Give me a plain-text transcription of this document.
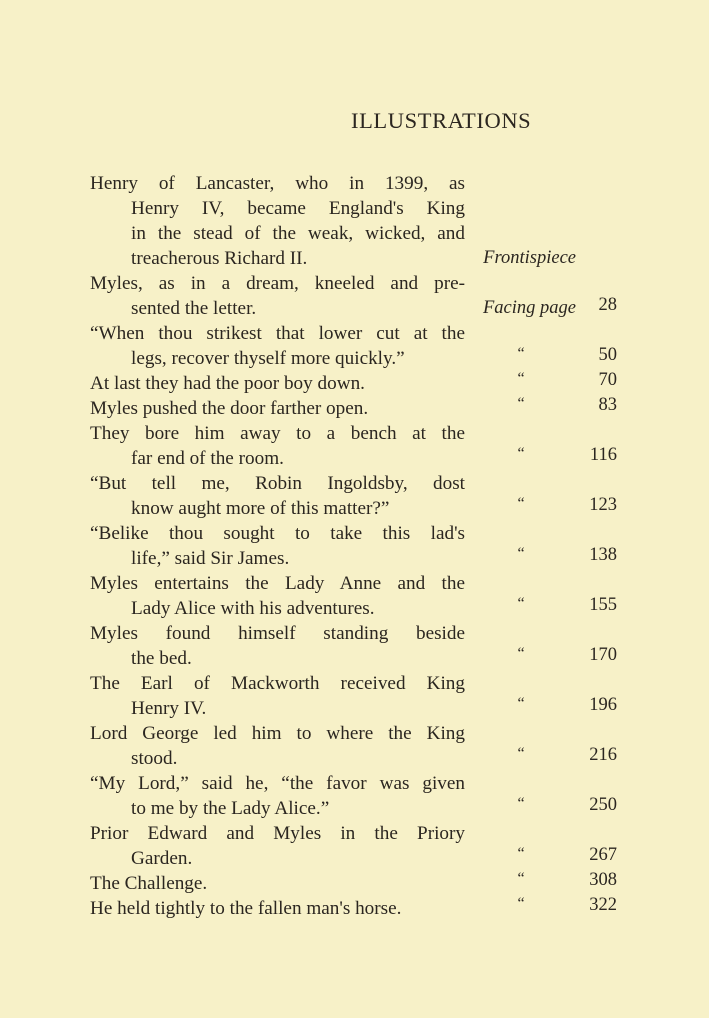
ILLUSTRATIONS
Henry of Lancaster, who in 1399, as
Henry IV, became England's King
in the stead of the weak, wicked, and
treacherous Richard II.	Frontispiece
Myles, as in a dream, kneeled and pre-
sented the letter.	Facing page	28
“When thou strikest that lower cut at the
legs, recover thyself more quickly.”	“	50
At last they had the poor boy down.	“	70
Myles pushed the door farther open.	“	83
They bore him away to a bench at the
far end of the room.	“	116
“But tell me, Robin Ingoldsby, dost
know aught more of this matter?”	“	123
“Belike thou sought to take this lad's
life,” said Sir James.	“	138
Myles entertains the Lady Anne and the
Lady Alice with his adventures.	“	155
Myles found himself standing beside
the bed.	“	170
The Earl of Mackworth received King
Henry IV.	“	196
Lord George led him to where the King
stood.	“	216
“My Lord,” said he, “the favor was given
to me by the Lady Alice.”	“	250
Prior Edward and Myles in the Priory
Garden.	“	267
The Challenge.	“	308
He held tightly to the fallen man's horse.	“	322
